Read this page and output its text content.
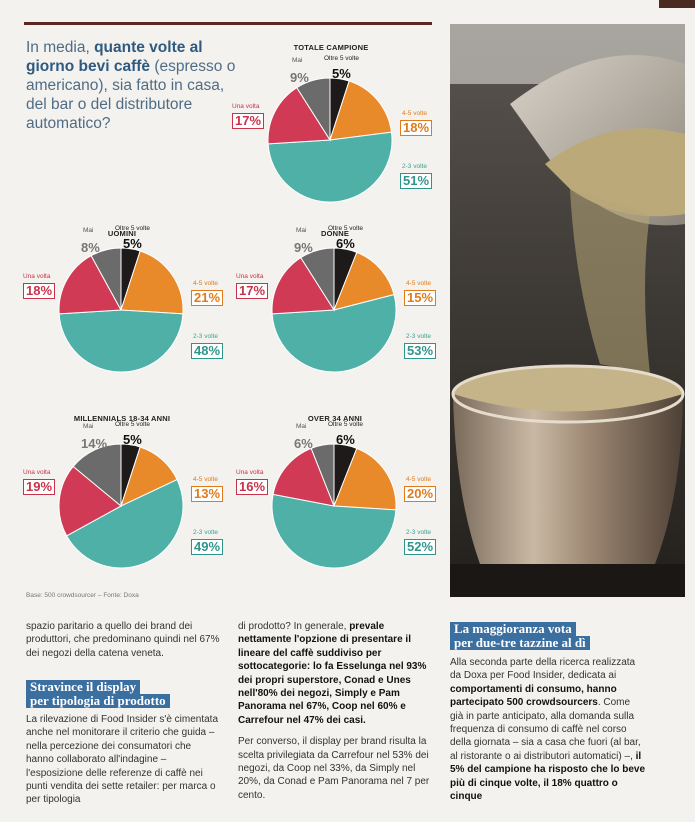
In media, quante volte al giorno bevi caffè (espresso o americano), sia fatto in casa, del bar o del distributore automatico?
TOTALE CAMPIONE
Oltre 5 volte
5%
4-5 volte
18%
2-3 volte
51%
Una volta
17%
Mai
9%
UOMINI
Oltre 5 volte
5%
4-5 volte
21%
2-3 volte
48%
Una volta
18%
Mai
8%
DONNE
Oltre 5 volte
6%
4-5 volte
15%
2-3 volte
53%
Una volta
17%
Mai
9%
MILLENNIALS 18-34 ANNI
Oltre 5 volte
5%
4-5 volte
13%
2-3 volte
49%
Una volta
19%
Mai
14%
OVER 34 ANNI
Oltre 5 volte
6%
4-5 volte
20%
2-3 volte
52%
Una volta
16%
Mai
6%
Base: 500 crowdsourcer – Fonte: Doxa

spazio paritario a quello dei brand dei produttori, che predominano quindi nel 67% dei negozi della catena veneta.

Stravince il display
per tipologia di prodotto

La rilevazione di Food Insider s'è cimentata anche nel monitorare il criterio che guida – nella percezione dei consumatori che hanno collaborato all'indagine – l'esposizione delle referenze di caffè nei punti vendita dei sette retailer: per marca o per tipologia

di prodotto? In generale, prevale nettamente l'opzione di presentare il lineare del caffè suddiviso per sottocategorie: lo fa Esselunga nel 93% dei propri superstore, Conad e Unes nell'80% dei negozi, Simply e Pam Panorama nel 67%, Coop nel 60% e Carrefour nel 47% dei casi.

Per converso, il display per brand risulta la scelta privilegiata da Carrefour nel 53% dei negozi, da Coop nel 33%, da Simply nel 20%, da Conad e Pam Panorama nel 7 per cento.

La maggioranza vota
per due-tre tazzine al dì

Alla seconda parte della ricerca realizzata da Doxa per Food Insider, dedicata ai comportamenti di consumo, hanno partecipato 500 crowdsourcers. Come già in parte anticipato, alla domanda sulla frequenza di consumo di caffè nel corso della giornata – sia a casa che fuori (al bar, al ristorante o ai distributori automatici) –, il 5% del campione ha risposto che lo beve più di cinque volte, il 18% quattro o cinque
